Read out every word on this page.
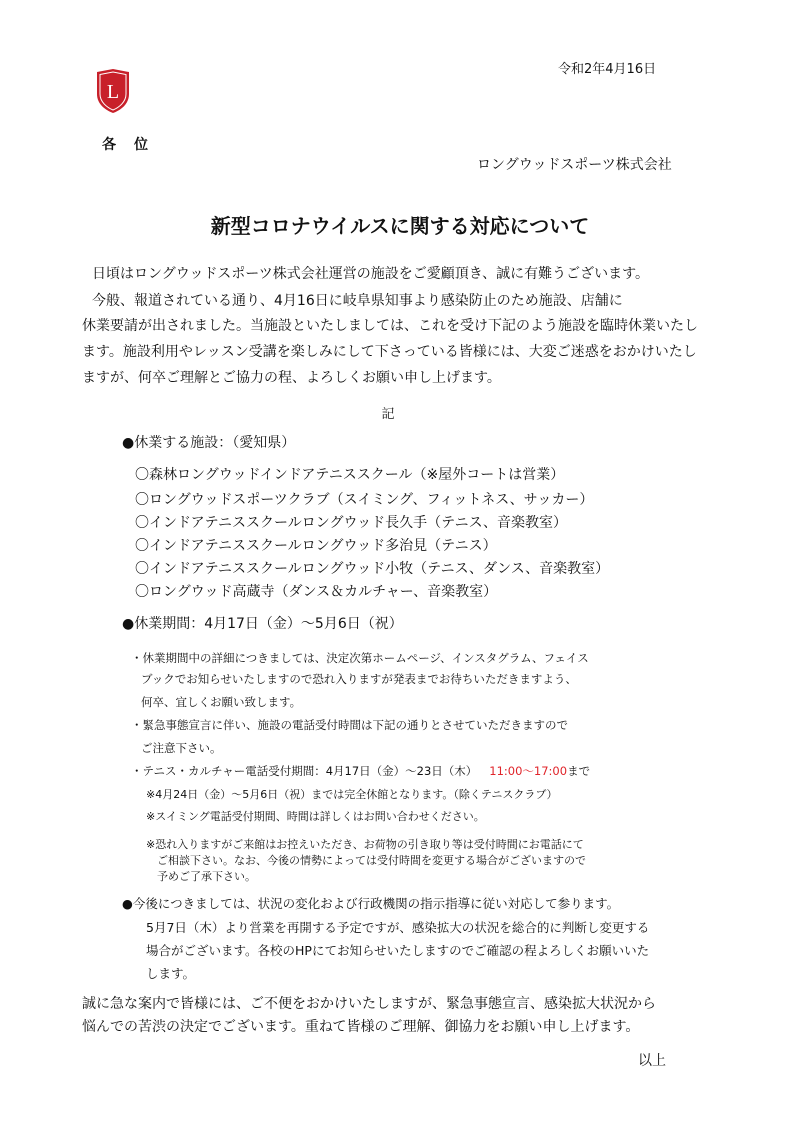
L
令和2年4月16日
各位
ロングウッドスポーツ株式会社
新型コロナウイルスに関する対応について
日頃はロングウッドスポーツ株式会社運営の施設をご愛顧頂き、誠に有難うございます。
今般、報道されている通り、4月16日に岐阜県知事より感染防止のため施設、店舗に
休業要請が出されました。当施設といたしましては、これを受け下記のよう施設を臨時休業いたし
ます。施設利用やレッスン受講を楽しみにして下さっている皆様には、大変ご迷惑をおかけいたし
ますが、何卒ご理解とご協力の程、よろしくお願い申し上げます。
記
●休業する施設：（愛知県）
〇森林ロングウッドインドアテニススクール（※屋外コートは営業）
〇ロングウッドスポーツクラブ（スイミング、フィットネス、サッカー）
〇インドアテニススクールロングウッド長久手（テニス、音楽教室）
〇インドアテニススクールロングウッド多治見（テニス）
〇インドアテニススクールロングウッド小牧（テニス、ダンス、音楽教室）
〇ロングウッド高蔵寺（ダンス＆カルチャー、音楽教室）
●休業期間：4月17日（金）～5月6日（祝）
・休業期間中の詳細につきましては、決定次第ホームページ、インスタグラム、フェイス
ブックでお知らせいたしますので恐れ入りますが発表までお待ちいただきますよう、
何卒、宜しくお願い致します。
・緊急事態宣言に伴い、施設の電話受付時間は下記の通りとさせていただきますので
ご注意下さい。
・テニス・カルチャー電話受付期間：4月17日（金）～23日（木） 11:00～17:00まで
※4月24日（金）～5月6日（祝）までは完全休館となります。（除くテニスクラブ）
※スイミング電話受付期間、時間は詳しくはお問い合わせください。
※恐れ入りますがご来館はお控えいただき、お荷物の引き取り等は受付時間にお電話にて
ご相談下さい。なお、今後の情勢によっては受付時間を変更する場合がございますので
予めご了承下さい。
●今後につきましては、状況の変化および行政機関の指示指導に従い対応して参ります。
5月7日（木）より営業を再開する予定ですが、感染拡大の状況を総合的に判断し変更する
場合がございます。各校のHPにてお知らせいたしますのでご確認の程よろしくお願いいた
します。
誠に急な案内で皆様には、ご不便をおかけいたしますが、緊急事態宣言、感染拡大状況から
悩んでの苦渋の決定でございます。重ねて皆様のご理解、御協力をお願い申し上げます。
以上
